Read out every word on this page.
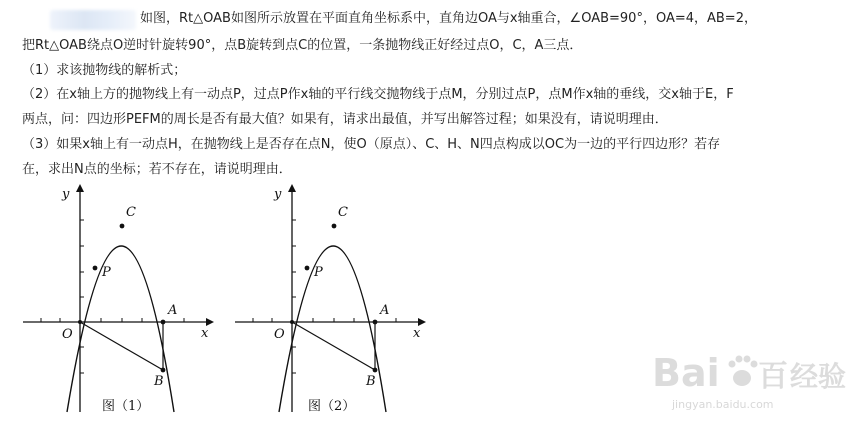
如图，Rt△OAB如图所示放置在平面直角坐标系中，直角边OA与x轴重合，∠OAB=90°，OA=4，AB=2，
把Rt△OAB绕点O逆时针旋转90°，点B旋转到点C的位置，一条抛物线正好经过点O，C，A三点．
（1）求该抛物线的解析式；
（2）在x轴上方的抛物线上有一动点P，过点P作x轴的平行线交抛物线于点M，分别过点P，点M作x轴的垂线，交x轴于E，F
两点，问：四边形PEFM的周长是否有最大值？如果有，请求出最值，并写出解答过程；如果没有，请说明理由．
（3）如果x轴上有一动点H，在抛物线上是否存在点N，使O（原点）、C、H、N四点构成以OC为一边的平行四边形？若存
在，求出N点的坐标；若不存在，请说明理由．
y
x
O
A
B
C
P
图（1）
y
x
O
A
B
C
P
图（2）
Bai 百 经验
jingyan.baidu.com
